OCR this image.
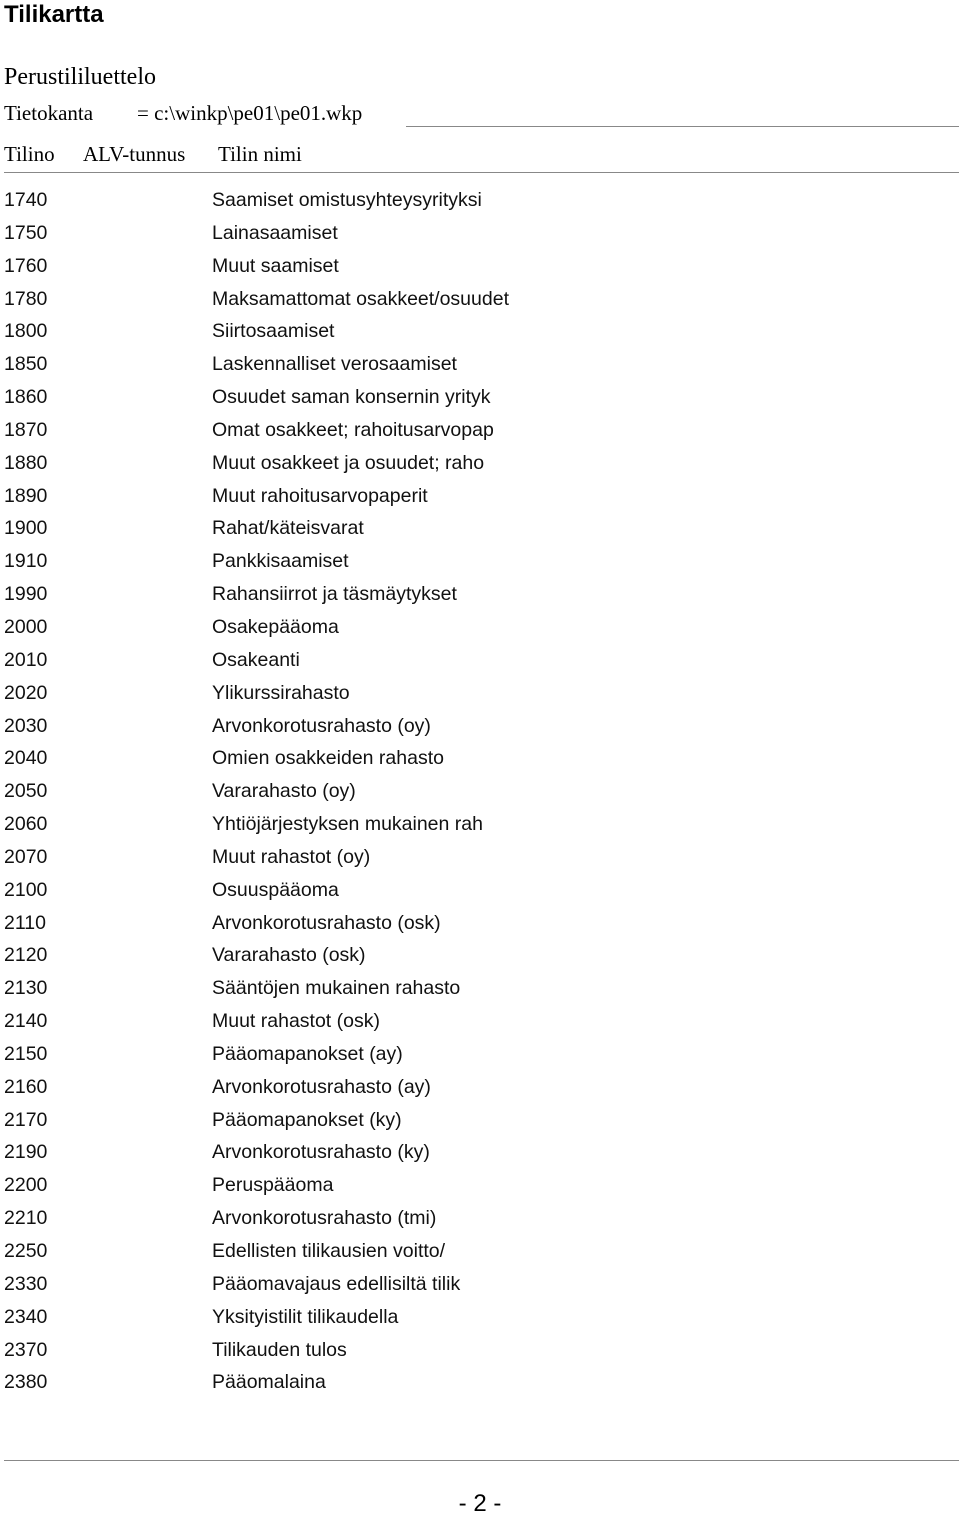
Tilikartta
Perustililuettelo
Tietokanta = c:\winkp\pe01\pe01.wkp
Tilino ALV-tunnus Tilin nimi
1740	Saamiset omistusyhteysyrityksi
1750	Lainasaamiset
1760	Muut saamiset
1780	Maksamattomat osakkeet/osuudet
1800	Siirtosaamiset
1850	Laskennalliset verosaamiset
1860	Osuudet saman konsernin yrityk
1870	Omat osakkeet; rahoitusarvopap
1880	Muut osakkeet ja osuudet; raho
1890	Muut rahoitusarvopaperit
1900	Rahat/käteisvarat
1910	Pankkisaamiset
1990	Rahansiirrot ja täsmäytykset
2000	Osakepääoma
2010	Osakeanti
2020	Ylikurssirahasto
2030	Arvonkorotusrahasto (oy)
2040	Omien osakkeiden rahasto
2050	Vararahasto (oy)
2060	Yhtiöjärjestyksen mukainen rah
2070	Muut rahastot (oy)
2100	Osuuspääoma
2110	Arvonkorotusrahasto (osk)
2120	Vararahasto (osk)
2130	Sääntöjen mukainen rahasto
2140	Muut rahastot (osk)
2150	Pääomapanokset (ay)
2160	Arvonkorotusrahasto (ay)
2170	Pääomapanokset (ky)
2190	Arvonkorotusrahasto (ky)
2200	Peruspääoma
2210	Arvonkorotusrahasto (tmi)
2250	Edellisten tilikausien voitto/
2330	Pääomavajaus edellisiltä tilik
2340	Yksityistilit tilikaudella
2370	Tilikauden tulos
2380	Pääomalaina
- 2 -
